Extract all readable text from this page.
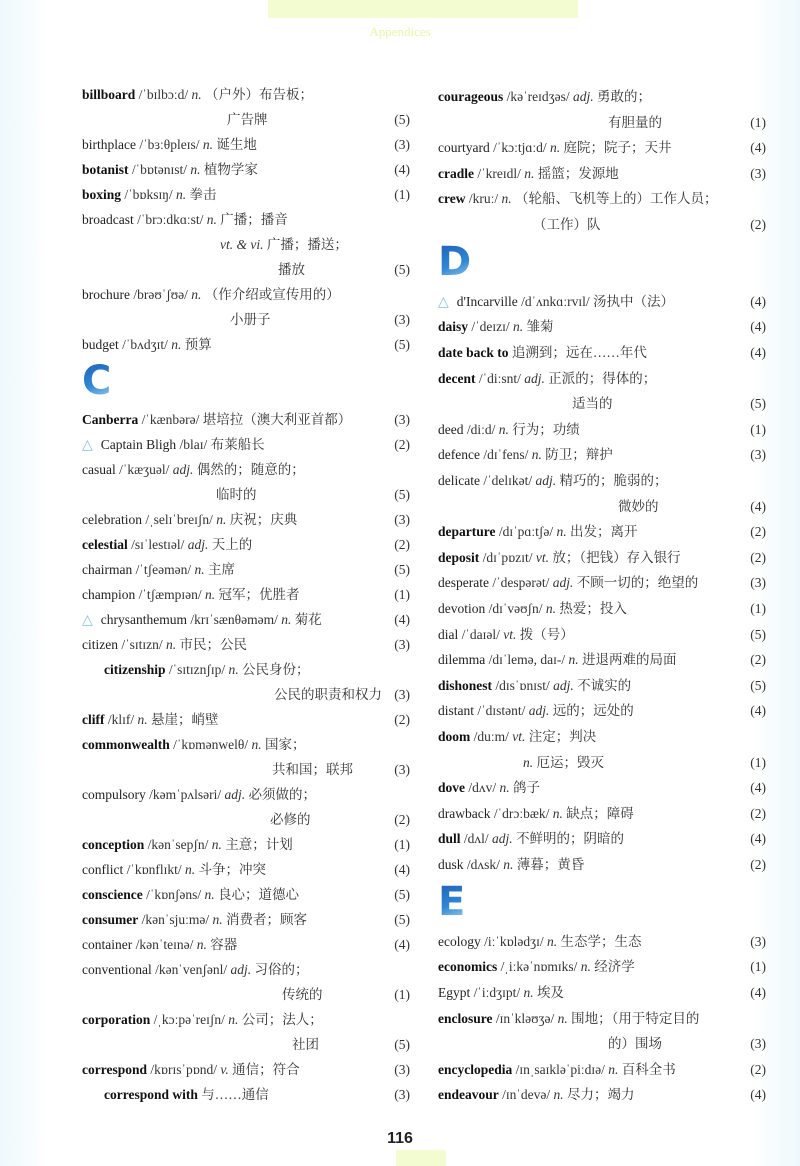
Appendices
billboard /ˈbɪlbɔːd/ n. （户外）布告板；
广告牌	(5)
birthplace /ˈbɜːθpleɪs/ n. 诞生地	(3)
botanist /ˈbɒtənɪst/ n. 植物学家	(4)
boxing /ˈbɒksɪŋ/ n. 拳击	(1)
broadcast /ˈbrɔːdkɑːst/ n. 广播；播音
vt. & vi. 广播；播送；
播放	(5)
brochure /brəʊˈʃʊə/ n. （作介绍或宣传用的）
小册子	(3)
budget /ˈbʌdʒɪt/ n. 预算	(5)
C
Canberra /ˈkænbərə/ 堪培拉（澳大利亚首都）	(3)
△ Captain Bligh /blaɪ/ 布莱船长	(2)
casual /ˈkæʒuəl/ adj. 偶然的；随意的；
临时的	(5)
celebration /ˌselɪˈbreɪʃn/ n. 庆祝；庆典	(3)
celestial /sɪˈlestɪəl/ adj. 天上的	(2)
chairman /ˈtʃeəmən/ n. 主席	(5)
champion /ˈtʃæmpɪən/ n. 冠军；优胜者	(1)
△ chrysanthemum /krɪˈsænθəməm/ n. 菊花	(4)
citizen /ˈsɪtɪzn/ n. 市民；公民	(3)
citizenship /ˈsɪtɪznʃɪp/ n. 公民身份；
公民的职责和权力 (3)
cliff /klɪf/ n. 悬崖；峭壁	(2)
commonwealth /ˈkɒmənwelθ/ n. 国家；
共和国；联邦	(3)
compulsory /kəmˈpʌlsəri/ adj. 必须做的；
必修的	(2)
conception /kənˈsepʃn/ n. 主意；计划	(1)
conflict /ˈkɒnflɪkt/ n. 斗争；冲突	(4)
conscience /ˈkɒnʃəns/ n. 良心；道德心	(5)
consumer /kənˈsjuːmə/ n. 消费者；顾客	(5)
container /kənˈteɪnə/ n. 容器	(4)
conventional /kənˈvenʃənl/ adj. 习俗的；
传统的	(1)
corporation /ˌkɔːpəˈreɪʃn/ n. 公司；法人；
社团	(5)
correspond /kɒrɪsˈpɒnd/ v. 通信；符合	(3)
correspond with 与……通信	(3)
courageous /kəˈreɪdʒəs/ adj. 勇敢的；
有胆量的	(1)
courtyard /ˈkɔːtjɑːd/ n. 庭院；院子；天井	(4)
cradle /ˈkreɪdl/ n. 摇篮；发源地	(3)
crew /kruː/ n. （轮船、飞机等上的）工作人员；
（工作）队	(2)
D
△ d'Incarville /dˈʌnkɑːrvɪl/ 汤执中（法）	(4)
daisy /ˈdeɪzɪ/ n. 雏菊	(4)
date back to 追溯到；远在……年代	(4)
decent /ˈdiːsnt/ adj. 正派的；得体的；
适当的	(5)
deed /diːd/ n. 行为；功绩	(1)
defence /dɪˈfens/ n. 防卫；辩护	(3)
delicate /ˈdelɪkət/ adj. 精巧的；脆弱的；
微妙的	(4)
departure /dɪˈpɑːtʃə/ n. 出发；离开	(2)
deposit /dɪˈpɒzɪt/ vt. 放；（把钱）存入银行	(2)
desperate /ˈdespərət/ adj. 不顾一切的；绝望的	(3)
devotion /dɪˈvəʊʃn/ n. 热爱；投入	(1)
dial /ˈdaɪəl/ vt. 拨（号）	(5)
dilemma /dɪˈlemə, daɪ-/ n. 进退两难的局面	(2)
dishonest /dɪsˈɒnɪst/ adj. 不诚实的	(5)
distant /ˈdɪstənt/ adj. 远的；远处的	(4)
doom /duːm/ vt. 注定；判决
n. 厄运；毁灭	(1)
dove /dʌv/ n. 鸽子	(4)
drawback /ˈdrɔːbæk/ n. 缺点；障碍	(2)
dull /dʌl/ adj. 不鲜明的；阴暗的	(4)
dusk /dʌsk/ n. 薄暮；黄昏	(2)
E
ecology /iːˈkɒlədʒɪ/ n. 生态学；生态	(3)
economics /ˌiːkəˈnɒmɪks/ n. 经济学	(1)
Egypt /ˈiːdʒɪpt/ n. 埃及	(4)
enclosure /ɪnˈkləʊʒə/ n. 围地；（用于特定目的
的）围场	(3)
encyclopedia /ɪnˌsaɪkləˈpiːdɪə/ n. 百科全书	(2)
endeavour /ɪnˈdevə/ n. 尽力；竭力	(4)
116
